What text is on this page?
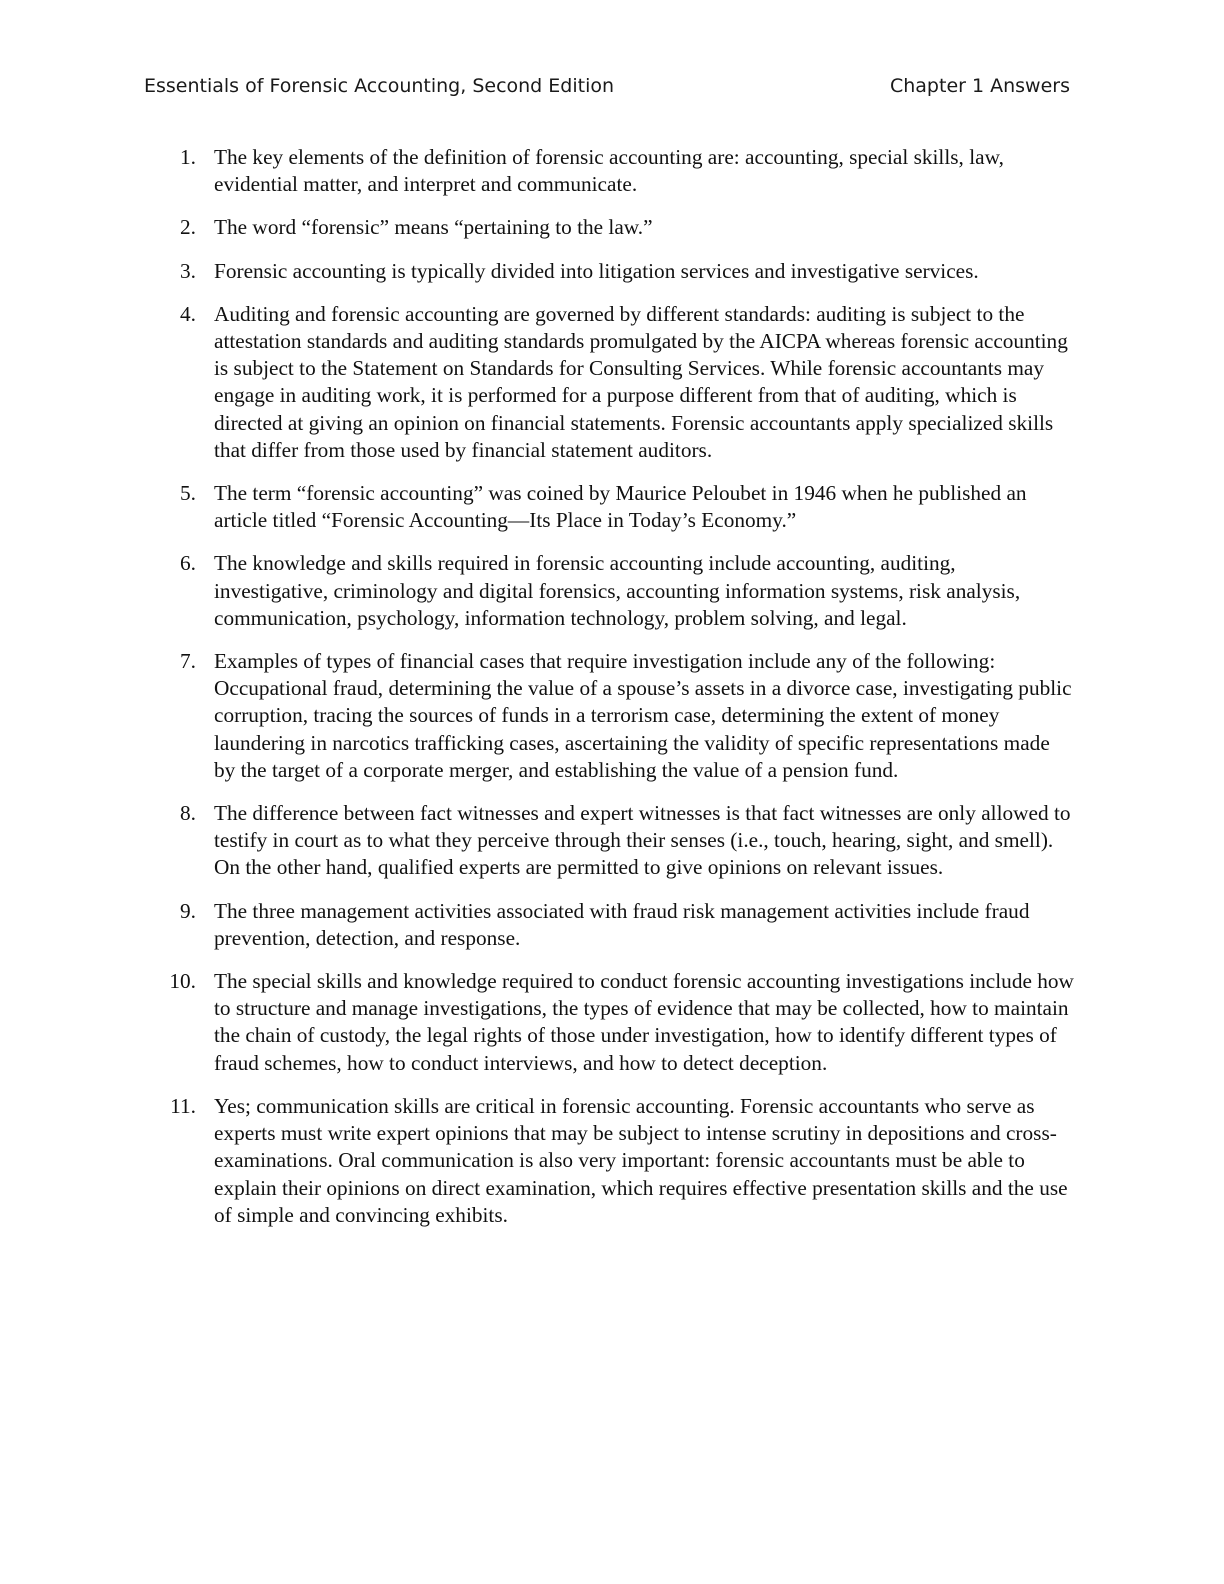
Essentials of Forensic Accounting, Second Edition	Chapter 1 Answers
1. The key elements of the definition of forensic accounting are: accounting, special skills, law, evidential matter, and interpret and communicate.
2. The word “forensic” means “pertaining to the law.”
3. Forensic accounting is typically divided into litigation services and investigative services.
4. Auditing and forensic accounting are governed by different standards: auditing is subject to the attestation standards and auditing standards promulgated by the AICPA whereas forensic accounting is subject to the Statement on Standards for Consulting Services. While forensic accountants may engage in auditing work, it is performed for a purpose different from that of auditing, which is directed at giving an opinion on financial statements. Forensic accountants apply specialized skills that differ from those used by financial statement auditors.
5. The term “forensic accounting” was coined by Maurice Peloubet in 1946 when he published an article titled “Forensic Accounting—Its Place in Today’s Economy.”
6. The knowledge and skills required in forensic accounting include accounting, auditing, investigative, criminology and digital forensics, accounting information systems, risk analysis, communication, psychology, information technology, problem solving, and legal.
7. Examples of types of financial cases that require investigation include any of the following: Occupational fraud, determining the value of a spouse’s assets in a divorce case, investigating public corruption, tracing the sources of funds in a terrorism case, determining the extent of money laundering in narcotics trafficking cases, ascertaining the validity of specific representations made by the target of a corporate merger, and establishing the value of a pension fund.
8. The difference between fact witnesses and expert witnesses is that fact witnesses are only allowed to testify in court as to what they perceive through their senses (i.e., touch, hearing, sight, and smell). On the other hand, qualified experts are permitted to give opinions on relevant issues.
9. The three management activities associated with fraud risk management activities include fraud prevention, detection, and response.
10. The special skills and knowledge required to conduct forensic accounting investigations include how to structure and manage investigations, the types of evidence that may be collected, how to maintain the chain of custody, the legal rights of those under investigation, how to identify different types of fraud schemes, how to conduct interviews, and how to detect deception.
11. Yes; communication skills are critical in forensic accounting. Forensic accountants who serve as experts must write expert opinions that may be subject to intense scrutiny in depositions and cross-examinations. Oral communication is also very important: forensic accountants must be able to explain their opinions on direct examination, which requires effective presentation skills and the use of simple and convincing exhibits.
